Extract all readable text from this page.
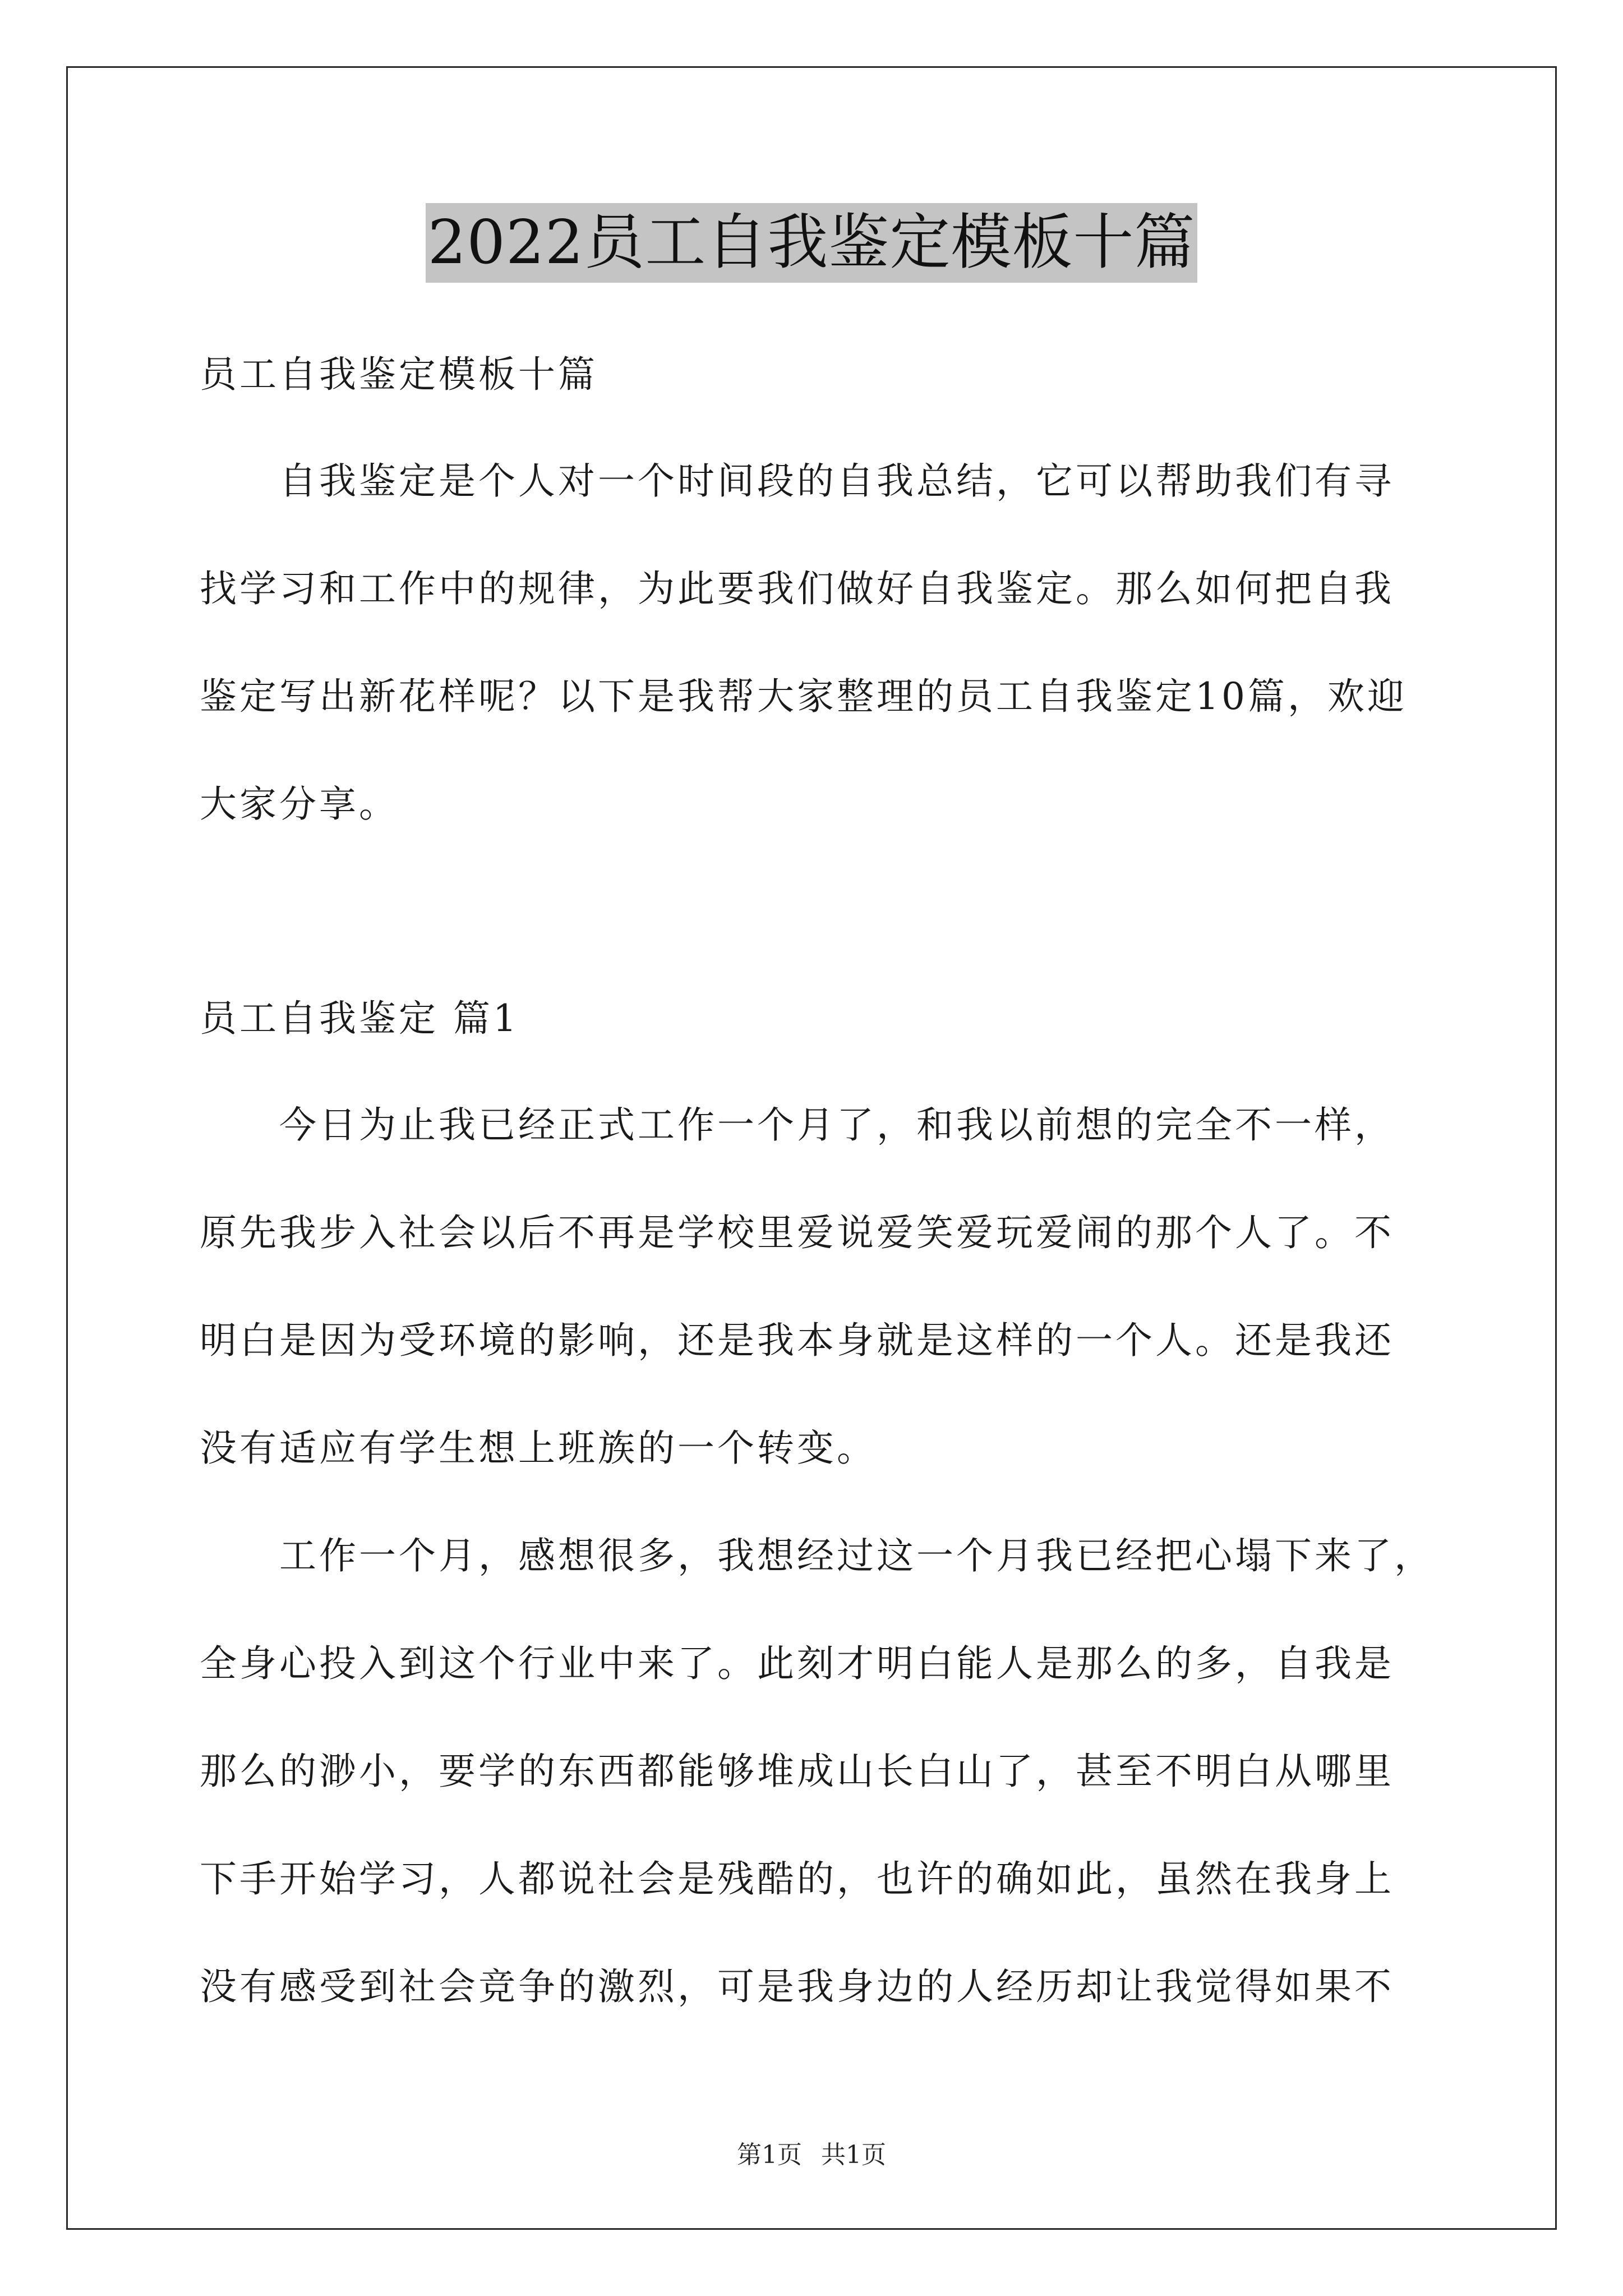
2022员工自我鉴定模板十篇
员工自我鉴定模板十篇
自我鉴定是个人对一个时间段的自我总结，它可以帮助我们有寻
找学习和工作中的规律，为此要我们做好自我鉴定。那么如何把自我
鉴定写出新花样呢？以下是我帮大家整理的员工自我鉴定10篇，欢迎
大家分享。
员工自我鉴定 篇1
今日为止我已经正式工作一个月了，和我以前想的完全不一样，
原先我步入社会以后不再是学校里爱说爱笑爱玩爱闹的那个人了。不
明白是因为受环境的影响，还是我本身就是这样的一个人。还是我还
没有适应有学生想上班族的一个转变。
工作一个月，感想很多，我想经过这一个月我已经把心塌下来了，
全身心投入到这个行业中来了。此刻才明白能人是那么的多，自我是
那么的渺小，要学的东西都能够堆成山长白山了，甚至不明白从哪里
下手开始学习，人都说社会是残酷的，也许的确如此，虽然在我身上
没有感受到社会竞争的激烈，可是我身边的人经历却让我觉得如果不
第1页 共1页
